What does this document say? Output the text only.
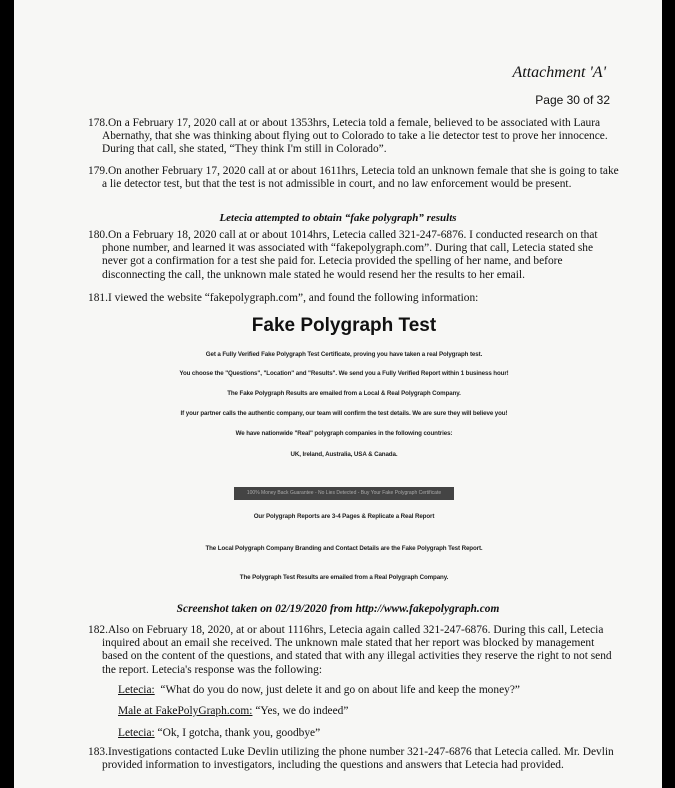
Attachment 'A'
Page 30 of 32
178.On a February 17, 2020 call at or about 1353hrs, Letecia told a female, believed to be associated with Laura Abernathy, that she was thinking about flying out to Colorado to take a lie detector test to prove her innocence. During that call, she stated, “They think I'm still in Colorado”.
179.On another February 17, 2020 call at or about 1611hrs, Letecia told an unknown female that she is going to take a lie detector test, but that the test is not admissible in court, and no law enforcement would be present.
Letecia attempted to obtain “fake polygraph” results
180.On a February 18, 2020 call at or about 1014hrs, Letecia called 321-247-6876. I conducted research on that phone number, and learned it was associated with “fakepolygraph.com”. During that call, Letecia stated she never got a confirmation for a test she paid for. Letecia provided the spelling of her name, and before disconnecting the call, the unknown male stated he would resend her the results to her email.
181.I viewed the website “fakepolygraph.com”, and found the following information:
Fake Polygraph Test
Get a Fully Verified Fake Polygraph Test Certificate, proving you have taken a real Polygraph test.
You choose the "Questions", "Location" and "Results". We send you a Fully Verified Report within 1 business hour!
The Fake Polygraph Results are emailed from a Local & Real Polygraph Company.
If your partner calls the authentic company, our team will confirm the test details. We are sure they will believe you!
We have nationwide "Real" polygraph companies in the following countries:
UK, Ireland, Australia, USA & Canada.
100% Money Back Guarantee - No Lies Detected - Buy Your Fake Polygraph Certificate
Our Polygraph Reports are 3-4 Pages & Replicate a Real Report
The Local Polygraph Company Branding and Contact Details are the Fake Polygraph Test Report.
The Polygraph Test Results are emailed from a Real Polygraph Company.
Screenshot taken on 02/19/2020 from http://www.fakepolygraph.com
182.Also on February 18, 2020, at or about 1116hrs, Letecia again called 321-247-6876. During this call, Letecia inquired about an email she received. The unknown male stated that her report was blocked by management based on the content of the questions, and stated that with any illegal activities they reserve the right to not send the report. Letecia's response was the following:
Letecia: “What do you do now, just delete it and go on about life and keep the money?”
Male at FakePolyGraph.com: “Yes, we do indeed”
Letecia: “Ok, I gotcha, thank you, goodbye”
183.Investigations contacted Luke Devlin utilizing the phone number 321-247-6876 that Letecia called. Mr. Devlin provided information to investigators, including the questions and answers that Letecia had provided.
